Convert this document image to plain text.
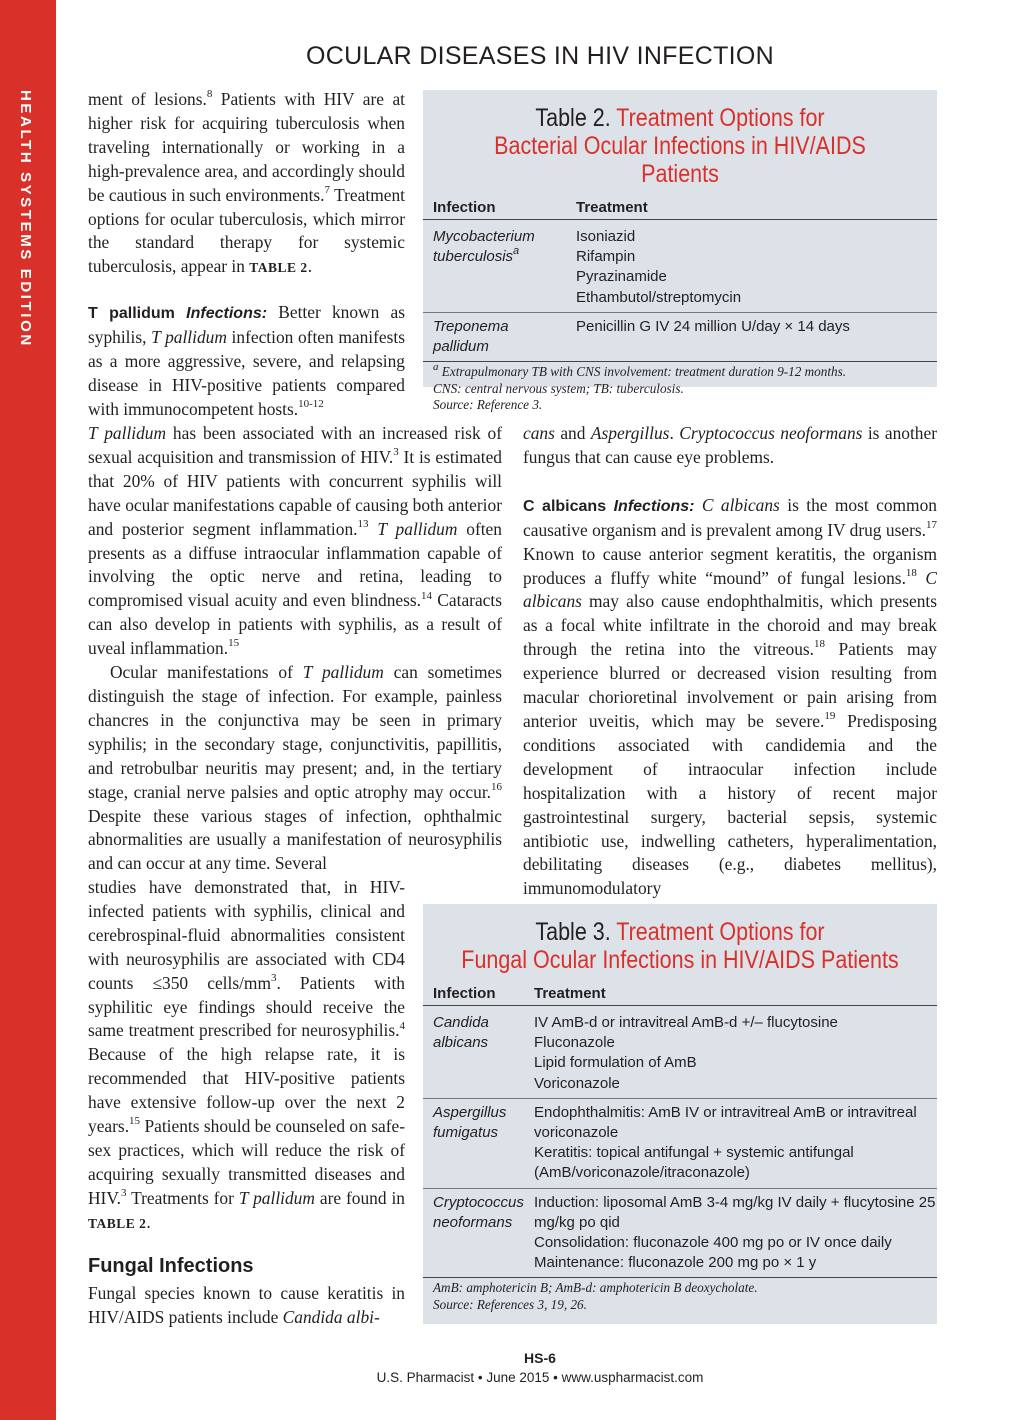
HEALTH SYSTEMS EDITION
OCULAR DISEASES IN HIV INFECTION

ment of lesions.$^8$ Patients with HIV are at higher risk for acquiring tuberculosis when traveling internationally or working in a high-prevalence area, and accordingly should be cautious in such environments.$^7$ Treatment options for ocular tuberculosis, which mirror the standard therapy for systemic tuberculosis, appear in TABLE 2.

T pallidum Infections: Better known as syphilis, T pallidum infection often manifests as a more aggressive, severe, and relapsing disease in HIV-positive patients compared with immunocompetent hosts.$^{10-12}$

T pallidum has been associated with an increased risk of sexual acquisition and transmission of HIV.$^3$ It is estimated that 20% of HIV patients with concurrent syphilis will have ocular manifestations capable of causing both anterior and posterior segment inflammation.$^{13}$ T pallidum often presents as a diffuse intraocular inflammation capable of involving the optic nerve and retina, leading to compromised visual acuity and even blindness.$^{14}$ Cataracts can also develop in patients with syphilis, as a result of uveal inflammation.$^{15}$

Ocular manifestations of T pallidum can sometimes distinguish the stage of infection. For example, painless chancres in the conjunctiva may be seen in primary syphilis; in the secondary stage, conjunctivitis, papillitis, and retrobulbar neuritis may present; and, in the tertiary stage, cranial nerve palsies and optic atrophy may occur.$^{16}$ Despite these various stages of infection, ophthalmic abnormalities are usually a manifestation of neurosyphilis and can occur at any time. Several

studies have demonstrated that, in HIV-infected patients with syphilis, clinical and cerebrospinal-fluid abnormalities consistent with neurosyphilis are associated with CD4 counts ≤350 cells/$mm^3$. Patients with syphilitic eye findings should receive the same treatment prescribed for neurosyphilis.$^4$ Because of the high relapse rate, it is recommended that HIV-positive patients have extensive follow-up over the next 2 years.$^{15}$ Patients should be counseled on safe-sex practices, which will reduce the risk of acquiring sexually transmitted diseases and HIV.$^3$ Treatments for T pallidum are found in TABLE 2.

Fungal Infections

Fungal species known to cause keratitis in HIV/AIDS patients include Candida albi-

cans and Aspergillus. Cryptococcus neoformans is another fungus that can cause eye problems.

C albicans Infections: C albicans is the most common causative organism and is prevalent among IV drug users.$^{17}$ Known to cause anterior segment keratitis, the organism produces a fluffy white “mound” of fungal lesions.$^{18}$ C albicans may also cause endophthalmitis, which presents as a focal white infiltrate in the choroid and may break through the retina into the vitreous.$^{18}$ Patients may experience blurred or decreased vision resulting from macular chorioretinal involvement or pain arising from anterior uveitis, which may be severe.$^{19}$ Predisposing conditions associated with candidemia and the development of intraocular infection include hospitalization with a history of recent major gastrointestinal surgery, bacterial sepsis, systemic antibiotic use, indwelling catheters, hyperalimentation, debilitating diseases (e.g., diabetes mellitus), immunomodulatory

Table 2. Treatment Options for
Bacterial Ocular Infections in HIV/AIDS Patients
Infection	Treatment
Mycobacterium tuberculosis$^a$	Isoniazid
Rifampin
Pyrazinamide
Ethambutol/streptomycin

Treponema pallidum	Penicillin G IV 24 million U/day × 14 days
$^a$ Extrapulmonary TB with CNS involvement: treatment duration 9-12 months.
CNS: central nervous system; TB: tuberculosis.
Source: Reference 3.
Table 3. Treatment Options for
Fungal Ocular Infections in HIV/AIDS Patients
Infection	Treatment
Candida albicans	IV AmB-d or intravitreal AmB-d +/– flucytosine
Fluconazole
Lipid formulation of AmB
Voriconazole

Aspergillus fumigatus	Endophthalmitis: AmB IV or intravitreal AmB or intravitreal voriconazole
Keratitis: topical antifungal + systemic antifungal (AmB/voriconazole/itraconazole)

Cryptococcus neoformans	Induction: liposomal AmB 3-4 mg/kg IV daily + flucytosine 25 mg/kg po qid
Consolidation: fluconazole 400 mg po or IV once daily
Maintenance: fluconazole 200 mg po × 1 y
AmB: amphotericin B; AmB-d: amphotericin B deoxycholate.
Source: References 3, 19, 26.
HS-6
U.S. Pharmacist • June 2015 • www.uspharmacist.com
